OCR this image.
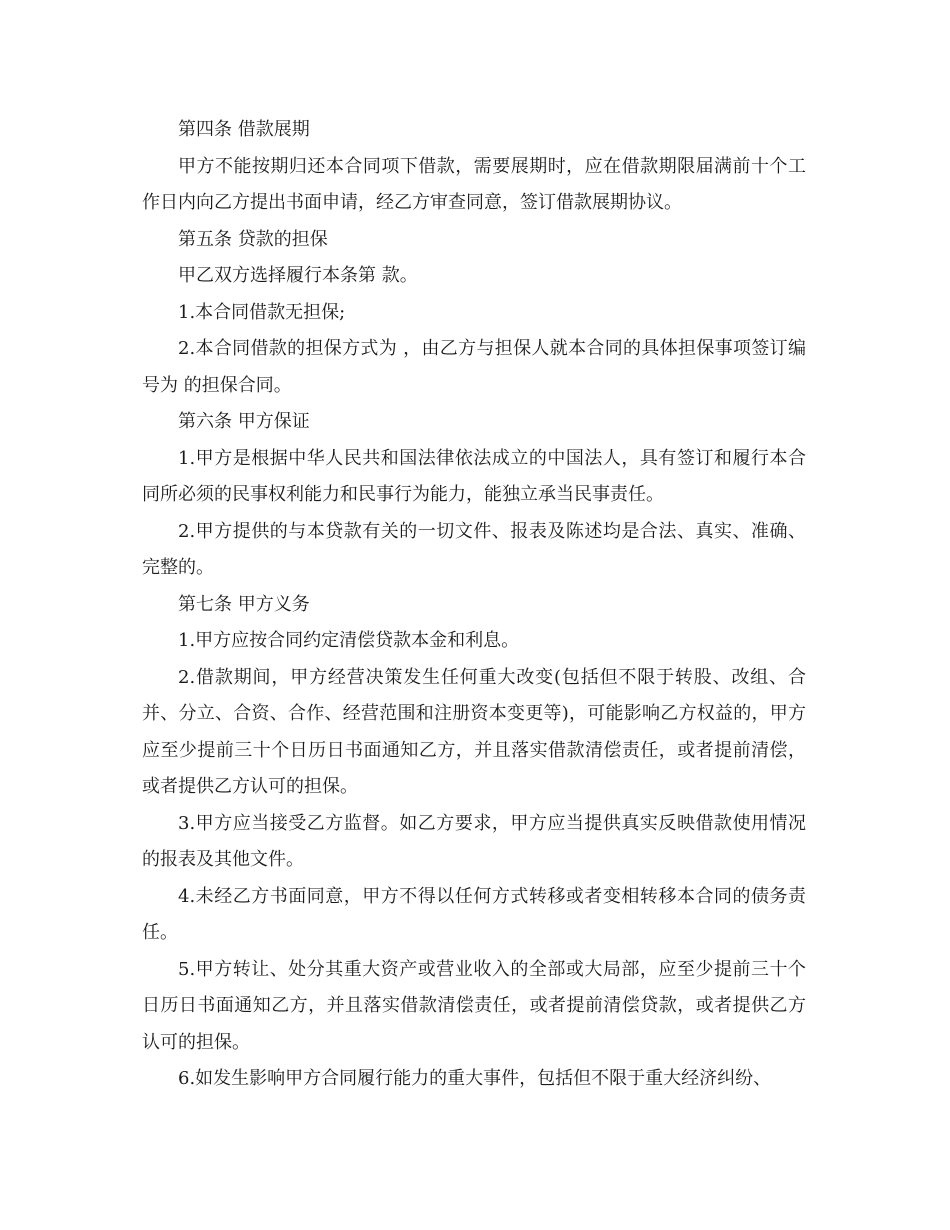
第四条 借款展期

甲方不能按期归还本合同项下借款，需要展期时，应在借款期限届满前十个工作日内向乙方提出书面申请，经乙方审查同意，签订借款展期协议。

第五条 贷款的担保

甲乙双方选择履行本条第 款。

1.本合同借款无担保;

2.本合同借款的担保方式为 ，由乙方与担保人就本合同的具体担保事项签订编号为 的担保合同。

第六条 甲方保证

1.甲方是根据中华人民共和国法律依法成立的中国法人，具有签订和履行本合同所必须的民事权利能力和民事行为能力，能独立承当民事责任。

2.甲方提供的与本贷款有关的一切文件、报表及陈述均是合法、真实、准确、完整的。

第七条 甲方义务

1.甲方应按合同约定清偿贷款本金和利息。

2.借款期间，甲方经营决策发生任何重大改变(包括但不限于转股、改组、合并、分立、合资、合作、经营范围和注册资本变更等)，可能影响乙方权益的，甲方应至少提前三十个日历日书面通知乙方，并且落实借款清偿责任，或者提前清偿，或者提供乙方认可的担保。

3.甲方应当接受乙方监督。如乙方要求，甲方应当提供真实反映借款使用情况的报表及其他文件。

4.未经乙方书面同意，甲方不得以任何方式转移或者变相转移本合同的债务责任。

5.甲方转让、处分其重大资产或营业收入的全部或大局部，应至少提前三十个日历日书面通知乙方，并且落实借款清偿责任，或者提前清偿贷款，或者提供乙方认可的担保。

6.如发生影响甲方合同履行能力的重大事件，包括但不限于重大经济纠纷、
